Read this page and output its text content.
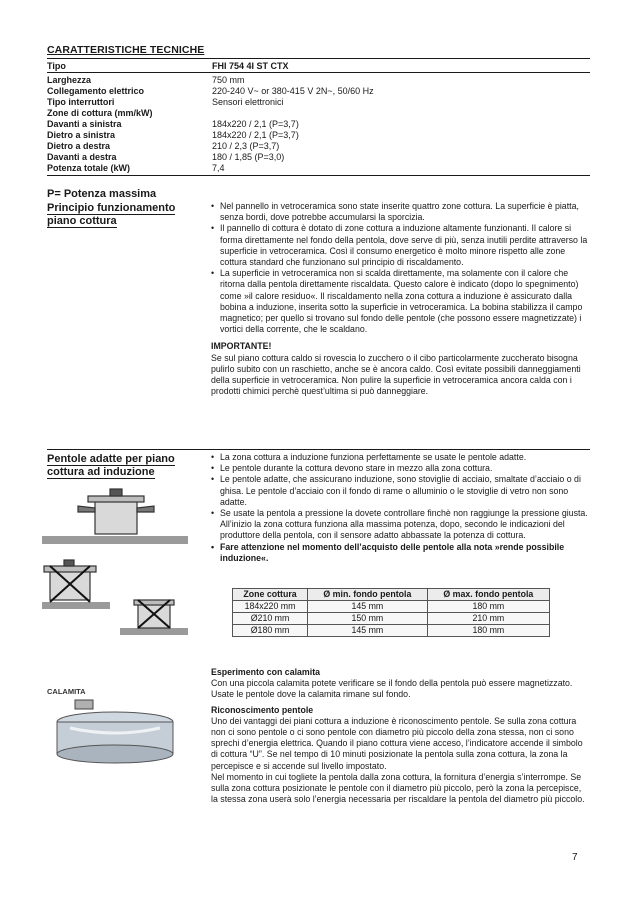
CARATTERISTICHE TECNICHE
Tipo	FHI 754 4I ST CTX
Larghezza	750 mm
Collegamento elettrico	220-240 V~ or 380-415 V 2N~, 50/60 Hz
Tipo interruttori	Sensori elettronici
Zone di cottura (mm/kW)
Davanti a sinistra	184x220 / 2,1 (P=3,7)
Dietro a sinistra	184x220 / 2,1 (P=3,7)
Dietro a destra	210 / 2,3 (P=3,7)
Davanti a destra	180 / 1,85 (P=3,0)
Potenza totale (kW)	7,4
P= Potenza massima
Principio funzionamento piano cottura
• Nel pannello in vetroceramica sono state inserite quattro zone cottura. La superficie è piatta, senza bordi, dove potrebbe accumularsi la sporcizia.
• Il pannello di cottura è dotato di zone cottura a induzione altamente funzionanti. Il calore si forma direttamente nel fondo della pentola, dove serve di più, senza inutili perdite attraverso la superficie in vetroceramica. Così il consumo energetico è molto minore rispetto alle zone cottura standard che funzionano sul principio di riscaldamento.
• La superficie in vetroceramica non si scalda direttamente, ma solamente con il calore che ritorna dalla pentola direttamente riscaldata. Questo calore è indicato (dopo lo spegnimento) come »il calore residuo«. Il riscaldamento nella zona cottura a induzione è assicurato dalla bobina a induzione, inserita sotto la superficie in vetroceramica. La bobina stabilizza il campo magnetico; per quello si trovano sul fondo delle pentole (che possono essere magnetizzate) i vortici della corrente, che le scaldano.
IMPORTANTE!
Se sul piano cottura caldo si rovescia lo zucchero o il cibo particolarmente zuccherato bisogna pulirlo subito con un raschietto, anche se è ancora caldo. Così evitate possibili danneggiamenti della superficie in vetroceramica. Non pulire la superficie in vetroceramica ancora calda con i prodotti chimici perchè quest’ultima si può danneggiare.
Pentole adatte per piano cottura ad induzione
• La zona cottura a induzione funziona perfettamente se usate le pentole adatte.
• Le pentole durante la cottura devono stare in mezzo alla zona cottura.
• Le pentole adatte, che assicurano induzione, sono stoviglie di acciaio, smaltate d’acciaio o di ghisa. Le pentole d’acciaio con il fondo di rame o alluminio o le stoviglie di vetro non sono adatte.
• Se usate la pentola a pressione la dovete controllare finchè non raggiunge la pressione giusta. All’inizio la zona cottura funziona alla massima potenza, dopo, secondo le indicazioni del produttore della pentola, con il sensore adatto abbassate la potenza di cottura.
• Fare attenzione nel momento dell’acquisto delle pentole alla nota »rende possibile induzione«.
Zone cottura	Ø min. fondo pentola	Ø max. fondo pentola
184x220 mm	145 mm	180 mm
Ø210 mm	150 mm	210 mm
Ø180 mm	145 mm	180 mm
CALAMITA
Esperimento con calamita
Con una piccola calamita potete verificare se il fondo della pentola può essere magnetizzato. Usate le pentole dove la calamita rimane sul fondo.
Riconoscimento pentole
Uno dei vantaggi dei piani cottura a induzione è riconoscimento pentole. Se sulla zona cottura non ci sono pentole o ci sono pentole con diametro più piccolo della zona stessa, non ci sono sprechi d’energia elettrica. Quando il piano cottura viene acceso, l’indicatore accende il simbolo di cottura “U”. Se nel tempo di 10 minuti posizionate la pentola sulla zona cottura, la zona la percepisce e si accende sul livello impostato.
Nel momento in cui togliete la pentola dalla zona cottura, la fornitura d’energia s’interrompe. Se sulla zona cottura posizionate le pentole con il diametro più piccolo, però la zona la percepisce, la stessa zona userà solo l’energia necessaria per riscaldare la pentola del diametro più piccolo.
7
